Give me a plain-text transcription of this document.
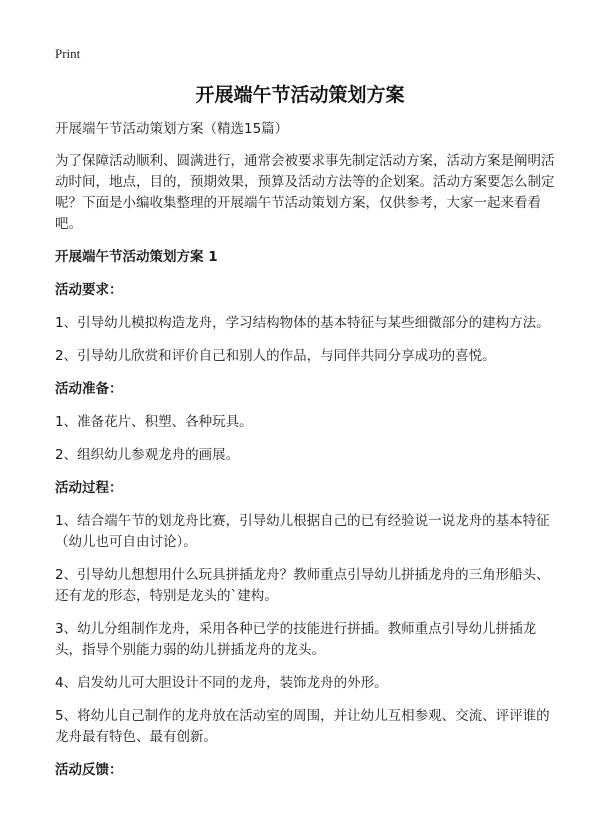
Print
开展端午节活动策划方案
开展端午节活动策划方案（精选15篇）
为了保障活动顺利、圆满进行，通常会被要求事先制定活动方案，活动方案是阐明活动时间，地点，目的，预期效果，预算及活动方法等的企划案。活动方案要怎么制定呢？下面是小编收集整理的开展端午节活动策划方案，仅供参考，大家一起来看看吧。
开展端午节活动策划方案 1
活动要求：
1、引导幼儿模拟构造龙舟，学习结构物体的基本特征与某些细微部分的建构方法。
2、引导幼儿欣赏和评价自己和别人的作品，与同伴共同分享成功的喜悦。
活动准备：
1、准备花片、积塑、各种玩具。
2、组织幼儿参观龙舟的画展。
活动过程：
1、结合端午节的划龙舟比赛，引导幼儿根据自己的已有经验说一说龙舟的基本特征（幼儿也可自由讨论）。
2、引导幼儿想想用什么玩具拼插龙舟？教师重点引导幼儿拼插龙舟的三角形船头、还有龙的形态，特别是龙头的`建构。
3、幼儿分组制作龙舟，采用各种已学的技能进行拼插。教师重点引导幼儿拼插龙头，指导个别能力弱的幼儿拼插龙舟的龙头。
4、启发幼儿可大胆设计不同的龙舟，装饰龙舟的外形。
5、将幼儿自己制作的龙舟放在活动室的周围，并让幼儿互相参观、交流、评评谁的龙舟最有特色、最有创新。
活动反馈：
